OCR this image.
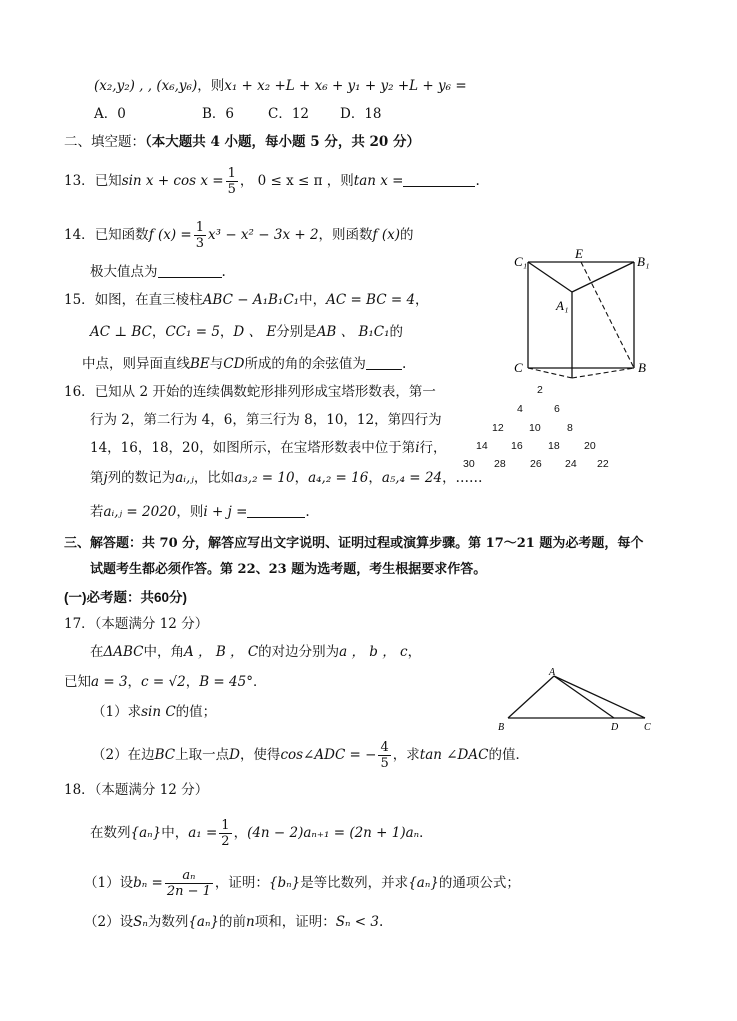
(x₂,y₂) , , (x₆,y₆)，则x₁ + x₂ +L + x₆ + y₁ + y₂ +L + y₆ =
A．0	B．6	C．12 D．18
二、填空题：（本大题共 4 小题，每小题 5 分，共 20 分）
13．已知$\sin x + \cos x = \frac{1}{5}$ ， 0 ≤ x ≤ π ，则tan x =	.
14．已知函数f $(x) = \frac{1}{3} x^3 - x^2 - 3x + 2$，则函数f (x)的
极大值点为	.
15．如图，在直三棱柱ABC − A₁B₁C₁中，AC = BC = 4，
AC ⊥ BC，CC₁ = 5，D 、 E分别是AB 、 B₁C₁的
中点，则异面直线BE与CD所成的角的余弦值为	.
C₁
E
B₁
A₁
C	B
16．已知从 2 开始的连续偶数蛇形排列形成宝塔形数表，第一
行为 2，第二行为 4，6，第三行为 8，10，12，第四行为
14，16，18，20，如图所示，在宝塔形数表中位于第i行，
第j列的数记为aᵢ,ⱼ，比如a₃,₂ = 10，a₄,₂ = 16，a₅,₄ = 24，……
若aᵢ,ⱼ = 2020，则i + j =	.
2
4	6
12 10	8
14 16 18 20
30 28 26 24 22
三、解答题：共 70 分，解答应写出文字说明、证明过程或演算步骤。第 17～21 题为必考题，每个
试题考生都必须作答。第 22、23 题为选考题，考生根据要求作答。
(一)必考题：共60分)
17．（本题满分 12 分）
在ΔABC中，角A ， B ， C的对边分别为a ， b ， c，
已知a = 3，c = √2，B = 45°．
（1）求sin C的值；
（2）在边BC上取一点D，使得cos∠ADC = − $\frac{4}{5}$ ，求tan ∠DAC的值．
A
B	D	C
18．（本题满分 12 分）
在数列{aₙ}中，$a_1 = \frac{1}{2}$ ，(4n − 2)aₙ₊₁ = (2n + 1)aₙ．
（1）设$b_n = \frac{\text{aₙ}}{2n - 1}$ ，证明：{bₙ}是等比数列，并求{aₙ}的通项公式；
（2）设Sₙ为数列{aₙ}的前n项和，证明：Sₙ < 3.
